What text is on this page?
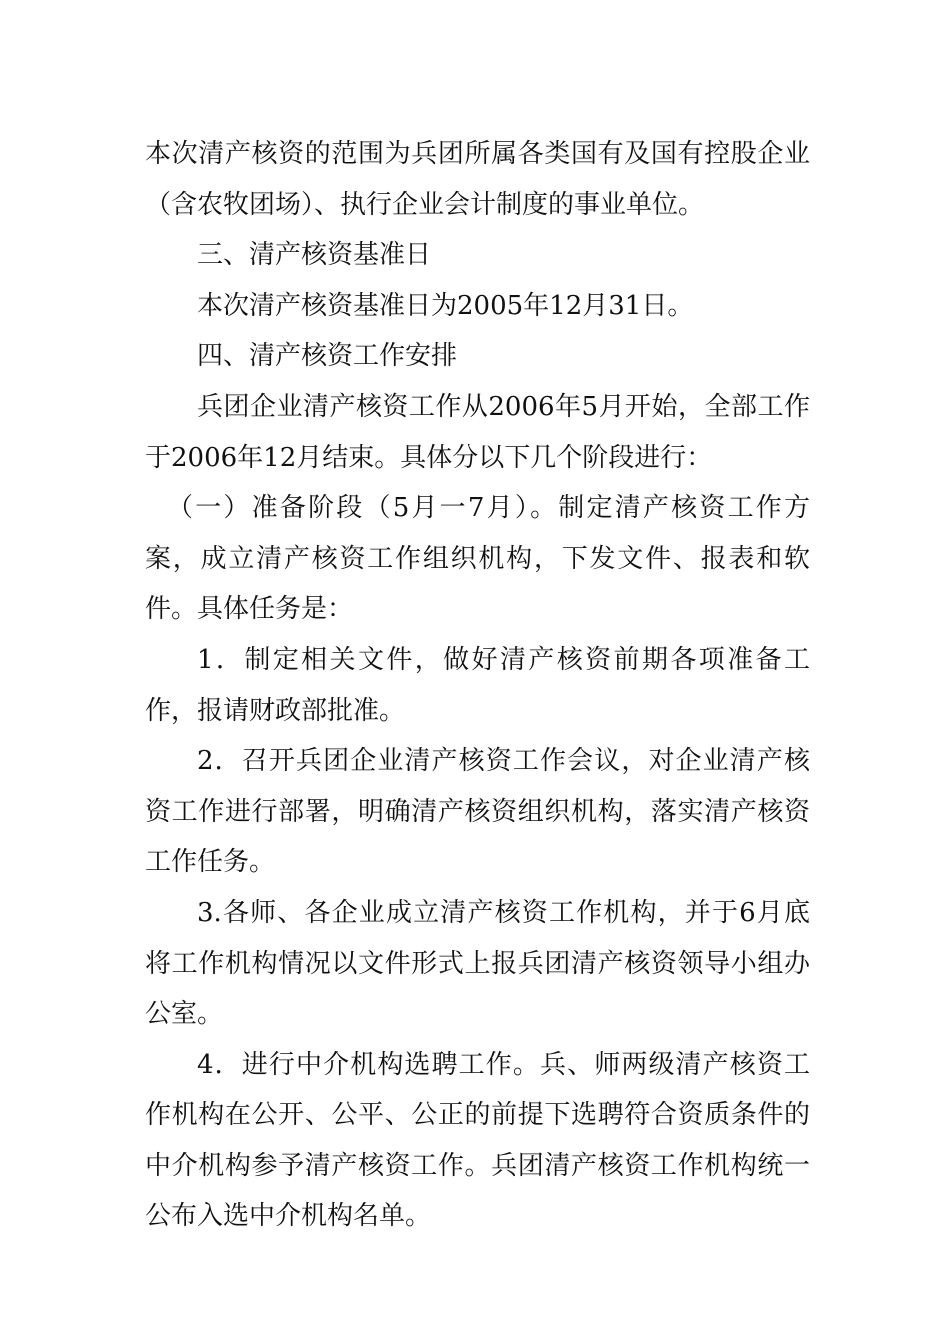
本次清产核资的范围为兵团所属各类国有及国有控股企业（含农牧团场）、执行企业会计制度的事业单位。

三、清产核资基准日

本次清产核资基准日为2005年12月31日。

四、清产核资工作安排

兵团企业清产核资工作从2006年5月开始，全部工作于2006年12月结束。具体分以下几个阶段进行：

（一）准备阶段（5月一7月）。制定清产核资工作方案，成立清产核资工作组织机构，下发文件、报表和软件。具体任务是：

1．制定相关文件，做好清产核资前期各项准备工作，报请财政部批准。

2．召开兵团企业清产核资工作会议，对企业清产核资工作进行部署，明确清产核资组织机构，落实清产核资工作任务。

3.各师、各企业成立清产核资工作机构，并于6月底将工作机构情况以文件形式上报兵团清产核资领导小组办公室。

4．进行中介机构选聘工作。兵、师两级清产核资工作机构在公开、公平、公正的前提下选聘符合资质条件的中介机构参予清产核资工作。兵团清产核资工作机构统一公布入选中介机构名单。
